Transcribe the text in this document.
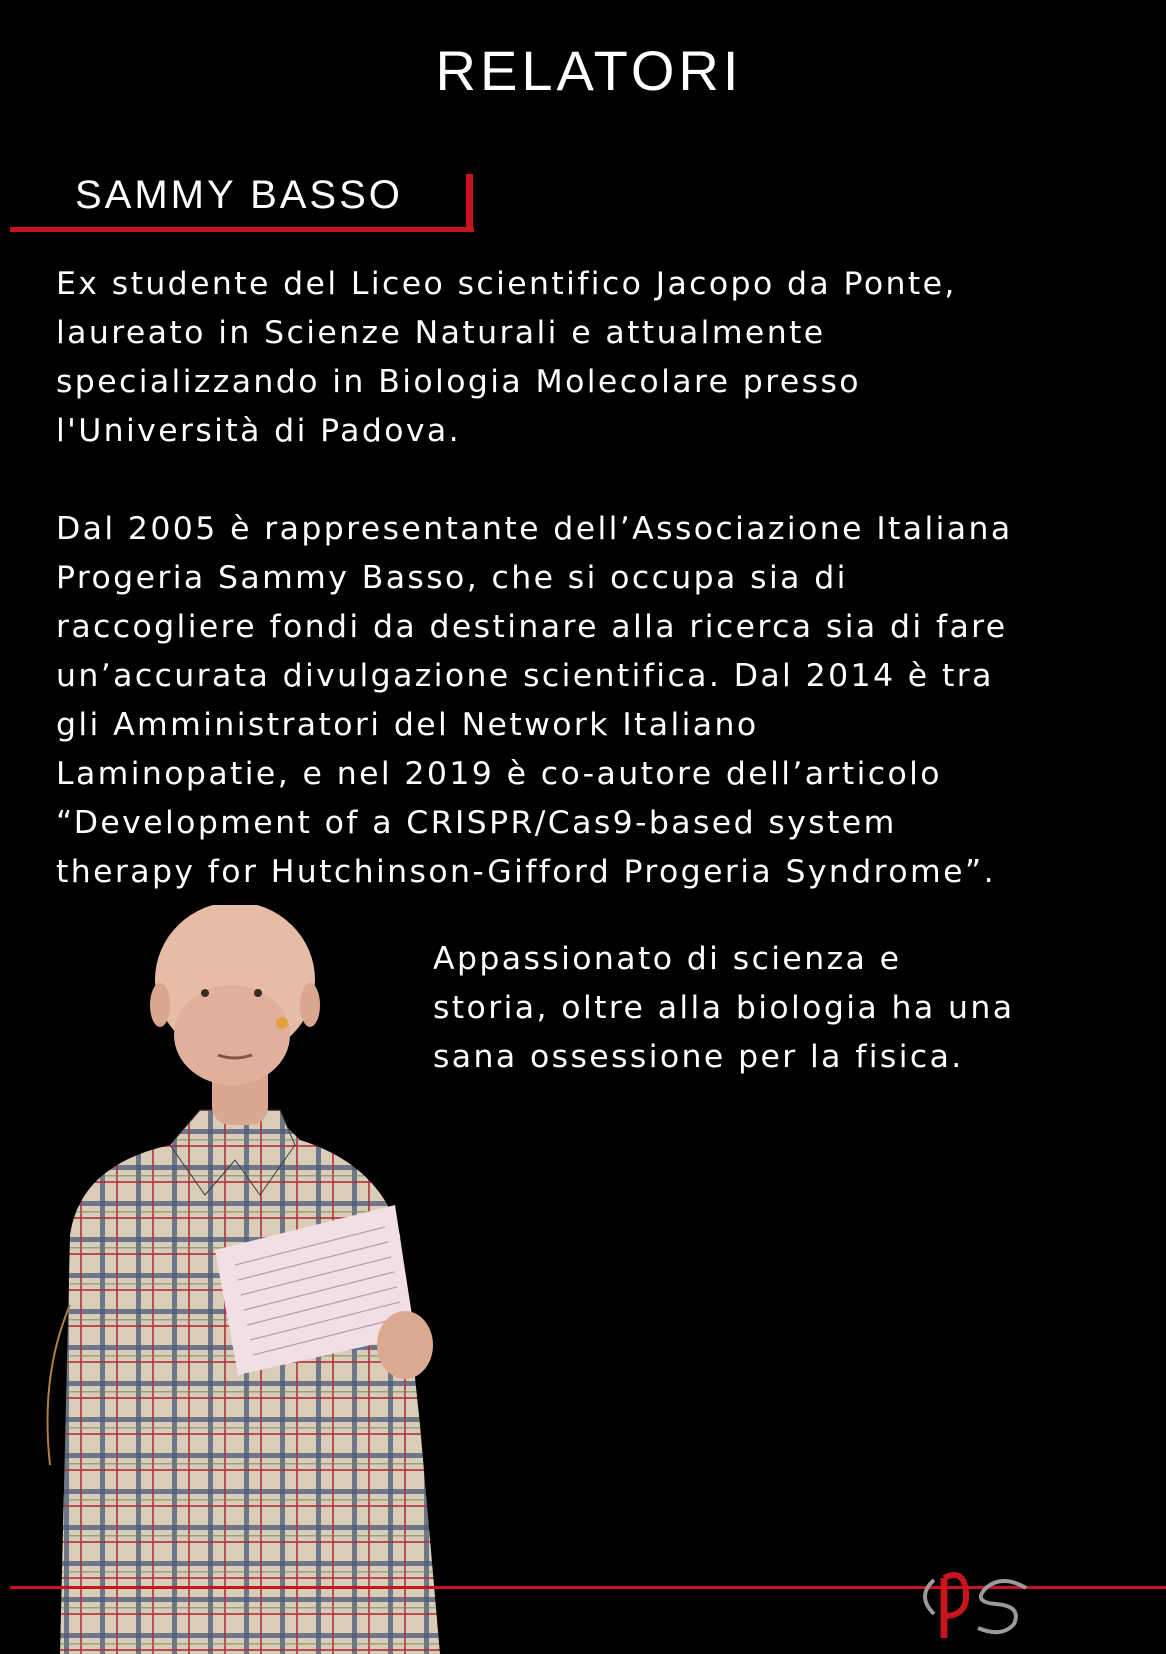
RELATORI
SAMMY BASSO

Ex studente del Liceo scientifico Jacopo da Ponte,
laureato in Scienze Naturali e attualmente
specializzando in Biologia Molecolare presso
l'Università di Padova.

Dal 2005 è rappresentante dell’Associazione Italiana
Progeria Sammy Basso, che si occupa sia di
raccogliere fondi da destinare alla ricerca sia di fare
un’accurata divulgazione scientifica. Dal 2014 è tra
gli Amministratori del Network Italiano
Laminopatie, e nel 2019 è co-autore dell’articolo
“Development of a CRISPR/Cas9-based system
therapy for Hutchinson-Gifford Progeria Syndrome”.

Appassionato di scienza e
storia, oltre alla biologia ha una
sana ossessione per la fisica.
